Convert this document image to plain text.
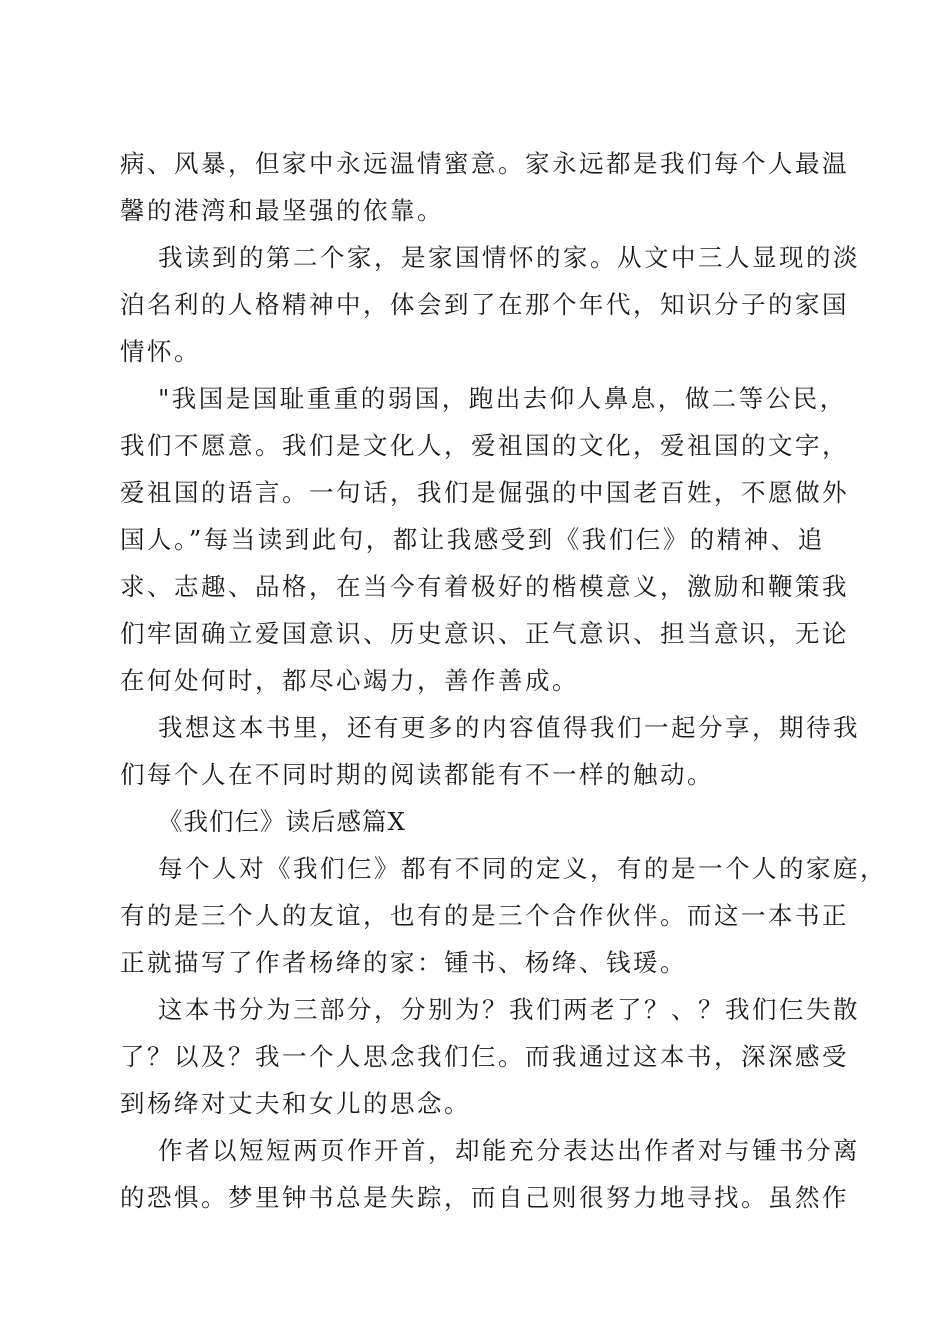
病、风暴，但家中永远温情蜜意。家永远都是我们每个人最温
馨的港湾和最坚强的依靠。
我读到的第二个家，是家国情怀的家。从文中三人显现的淡
泊名利的人格精神中，体会到了在那个年代，知识分子的家国
情怀。
"我国是国耻重重的弱国，跑出去仰人鼻息，做二等公民，
我们不愿意。我们是文化人，爱祖国的文化，爱祖国的文字，
爱祖国的语言。一句话，我们是倔强的中国老百姓，不愿做外
国人。”每当读到此句，都让我感受到《我们仨》的精神、追
求、志趣、品格，在当今有着极好的楷模意义，激励和鞭策我
们牢固确立爱国意识、历史意识、正气意识、担当意识，无论
在何处何时，都尽心竭力，善作善成。
我想这本书里，还有更多的内容值得我们一起分享，期待我
们每个人在不同时期的阅读都能有不一样的触动。
《我们仨》读后感篇X
每个人对《我们仨》都有不同的定义，有的是一个人的家庭，
有的是三个人的友谊，也有的是三个合作伙伴。而这一本书正
正就描写了作者杨绛的家：锺书、杨绛、钱瑗。
这本书分为三部分，分别为？我们两老了？、？我们仨失散
了？以及？我一个人思念我们仨。而我通过这本书，深深感受
到杨绛对丈夫和女儿的思念。
作者以短短两页作开首，却能充分表达出作者对与锺书分离
的恐惧。梦里钟书总是失踪，而自己则很努力地寻找。虽然作
